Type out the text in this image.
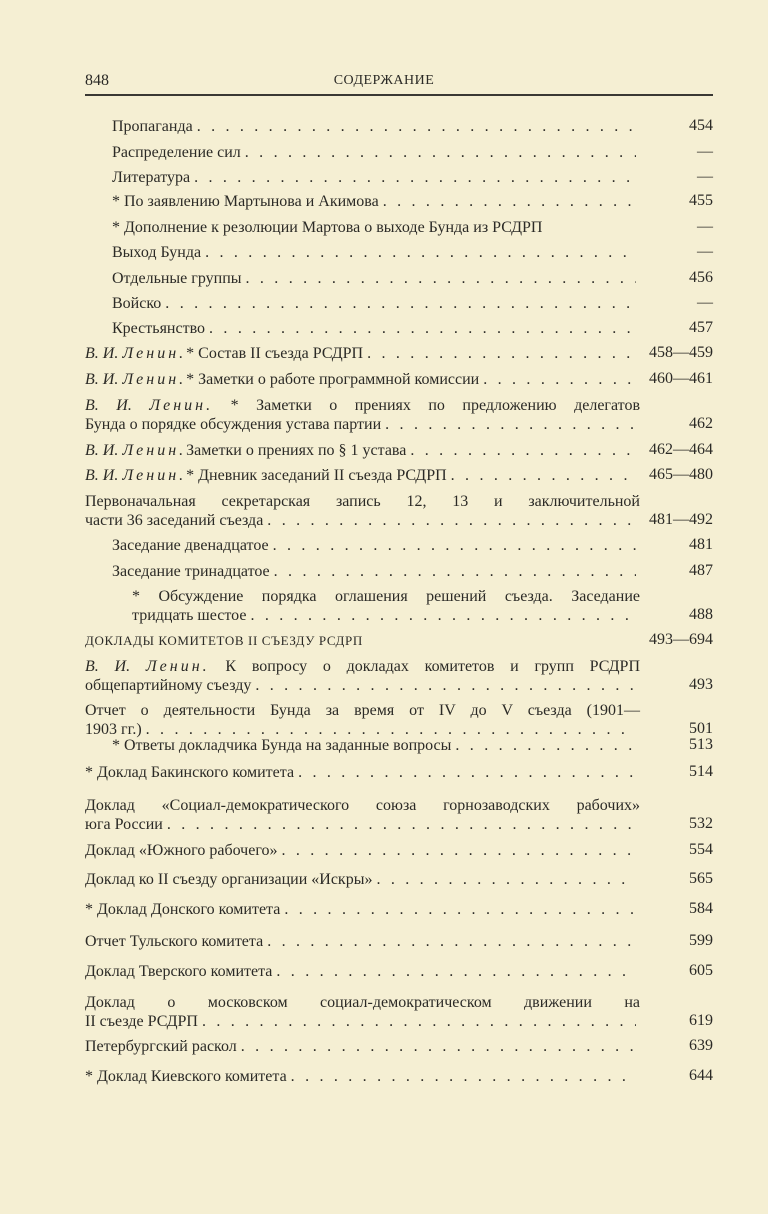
848	СОДЕРЖАНИЕ
Пропаганда . . .	454
Распределение сил . . .	—
Литература . . .	—
* По заявлению Мартынова и Акимова . . .	455
* Дополнение к резолюции Мартова о выходе Бунда из РСДРП	—
Выход Бунда . . .	—
Отдельные группы . . .	456
Войско . . .	—
Крестьянство . . .	457
В. И. Ленин. * Состав II съезда РСДРП . . .	458—459
В. И. Ленин. * Заметки о работе программной комиссии . . .	460—461
В. И. Ленин. * Заметки о прениях по предложению делегатов
Бунда о порядке обсуждения устава партии . . .	462
В. И. Ленин. Заметки о прениях по § 1 устава . . .	462—464
В. И. Ленин. * Дневник заседаний II съезда РСДРП . . .	465—480
Первоначальная секретарская запись 12, 13 и заключительной
части 36 заседаний съезда . . .	481—492
Заседание двенадцатое . . .	481
Заседание тринадцатое . . .	487
* Обсуждение порядка оглашения решений съезда. Заседание
тридцать шестое . . .	488
ДОКЛАДЫ КОМИТЕТОВ II СЪЕЗДУ РСДРП	493—694
В. И. Ленин. К вопросу о докладах комитетов и групп РСДРП
общепартийному съезду . . .	493
Отчет о деятельности Бунда за время от IV до V съезда (1901—
1903 гг.) . . .	501
* Ответы докладчика Бунда на заданные вопросы . . .	513
* Доклад Бакинского комитета . . .	514
Доклад «Социал-демократического союза горнозаводских рабочих»
юга России . . .	532
Доклад «Южного рабочего» . . .	554
Доклад ко II съезду организации «Искры» . . .	565
* Доклад Донского комитета . . .	584
Отчет Тульского комитета . . .	599
Доклад Тверского комитета . . .	605
Доклад о московском социал-демократическом движении на
II съезде РСДРП . . .	619
Петербургский раскол . . .	639
* Доклад Киевского комитета . . .	644
